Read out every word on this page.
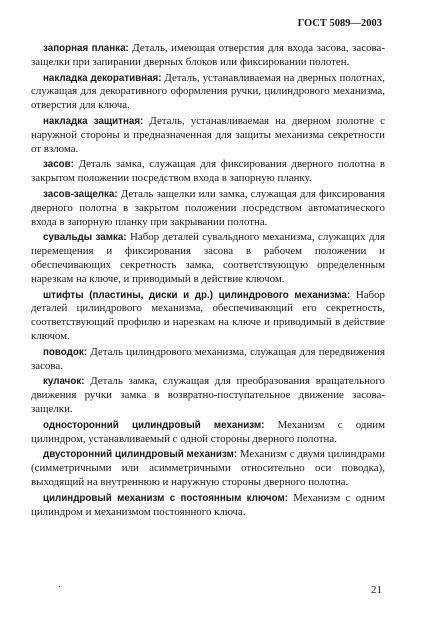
ГОСТ 5089—2003

запорная планка: Деталь, имеющая отверстия для входа засова, засова-защелки при запирании дверных блоков или фиксировании полотен.

накладка декоративная: Деталь, устанавливаемая на дверных полотнах, служащая для декоративного оформления ручки, цилиндрового механизма, отверстия для ключа.

накладка защитная: Деталь, устанавливаемая на дверном полотне с наружной стороны и предназначенная для защиты механизма секретности от взлома.

засов: Деталь замка, служащая для фиксирования дверного полотна в закрытом положении посредством входа в запорную планку.

засов-защелка: Деталь защелки или замка, служащая для фиксирования дверного полотна в закрытом положении посредством автоматического входа в запорную планку при закрывании полотна.

сувальды замка: Набор деталей сувальдного механизма, служащих для перемещения и фиксирования засова в рабочем положении и обеспечивающих секретность замка, соответствующую определенным нарезкам на ключе, и приводимый в действие ключом.

штифты (пластины, диски и др.) цилиндрового механизма: Набор деталей цилиндрового механизма, обеспечивающий его секретность, соответствующий профилю и нарезкам на ключе и приводимый в действие ключом.

поводок: Деталь цилиндрового механизма, служащая для передвижения засова.

кулачок: Деталь замка, служащая для преобразования вращательного движения ручки замка в возвратно-поступательное движение засова-защелки.

односторонний цилиндровый механизм: Механизм с одним цилиндром, устанавливаемый с одной стороны дверного полотна.

двусторонний цилиндровый механизм: Механизм с двумя цилиндрами (симметричными или асимметричными относительно оси поводка), выходящий на внутреннюю и наружную стороны дверного полотна.

цилиндровый механизм с постоянным ключом: Механизм с одним цилиндром и механизмом постоянного ключа.

.	21
